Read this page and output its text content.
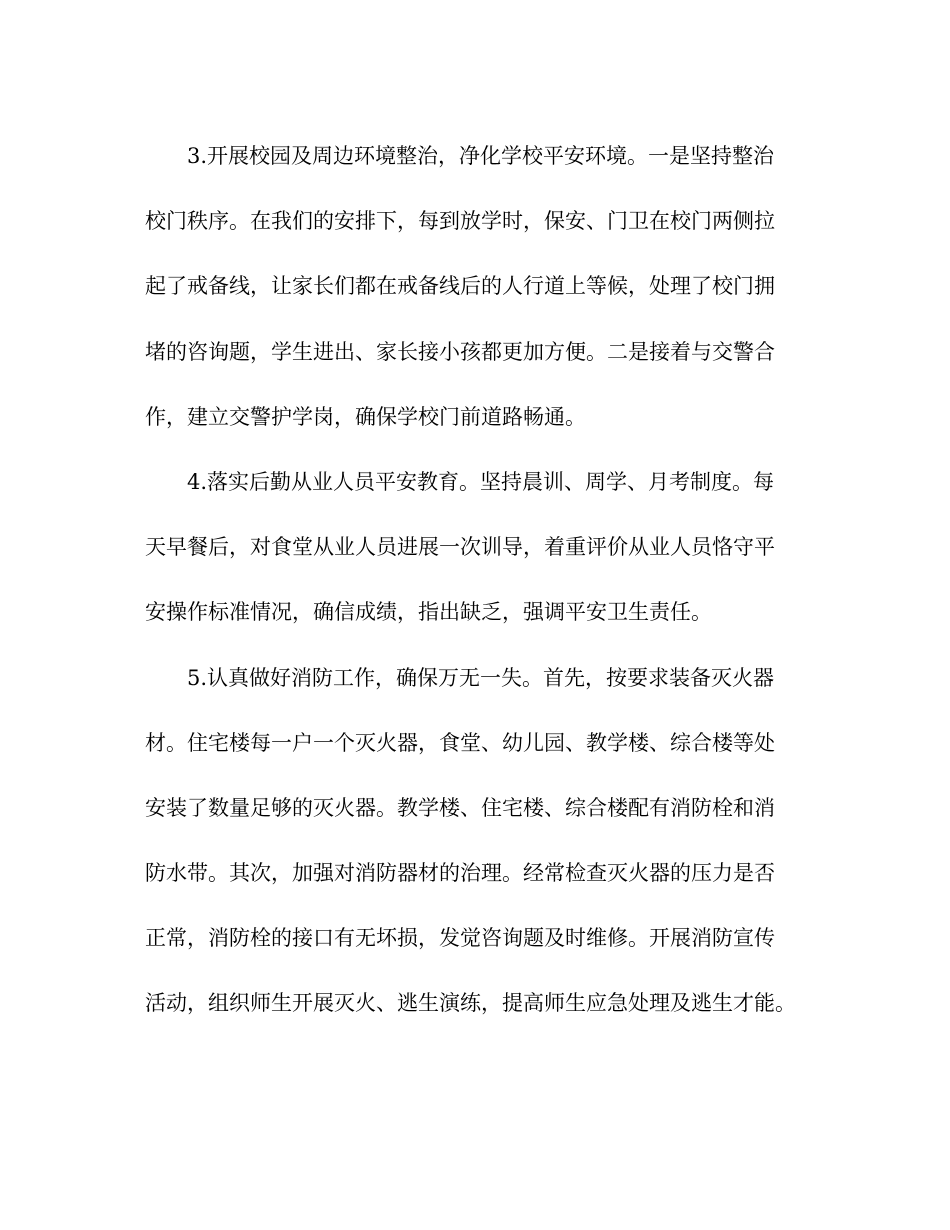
3.开展校园及周边环境整治，净化学校平安环境。一是坚持整治
校门秩序。在我们的安排下，每到放学时，保安、门卫在校门两侧拉
起了戒备线，让家长们都在戒备线后的人行道上等候，处理了校门拥
堵的咨询题，学生进出、家长接小孩都更加方便。二是接着与交警合
作，建立交警护学岗，确保学校门前道路畅通。
4.落实后勤从业人员平安教育。坚持晨训、周学、月考制度。每
天早餐后，对食堂从业人员进展一次训导，着重评价从业人员恪守平
安操作标准情况，确信成绩，指出缺乏，强调平安卫生责任。
5.认真做好消防工作，确保万无一失。首先，按要求装备灭火器
材。住宅楼每一户一个灭火器，食堂、幼儿园、教学楼、综合楼等处
安装了数量足够的灭火器。教学楼、住宅楼、综合楼配有消防栓和消
防水带。其次，加强对消防器材的治理。经常检查灭火器的压力是否
正常，消防栓的接口有无坏损，发觉咨询题及时维修。开展消防宣传
活动，组织师生开展灭火、逃生演练，提高师生应急处理及逃生才能。
